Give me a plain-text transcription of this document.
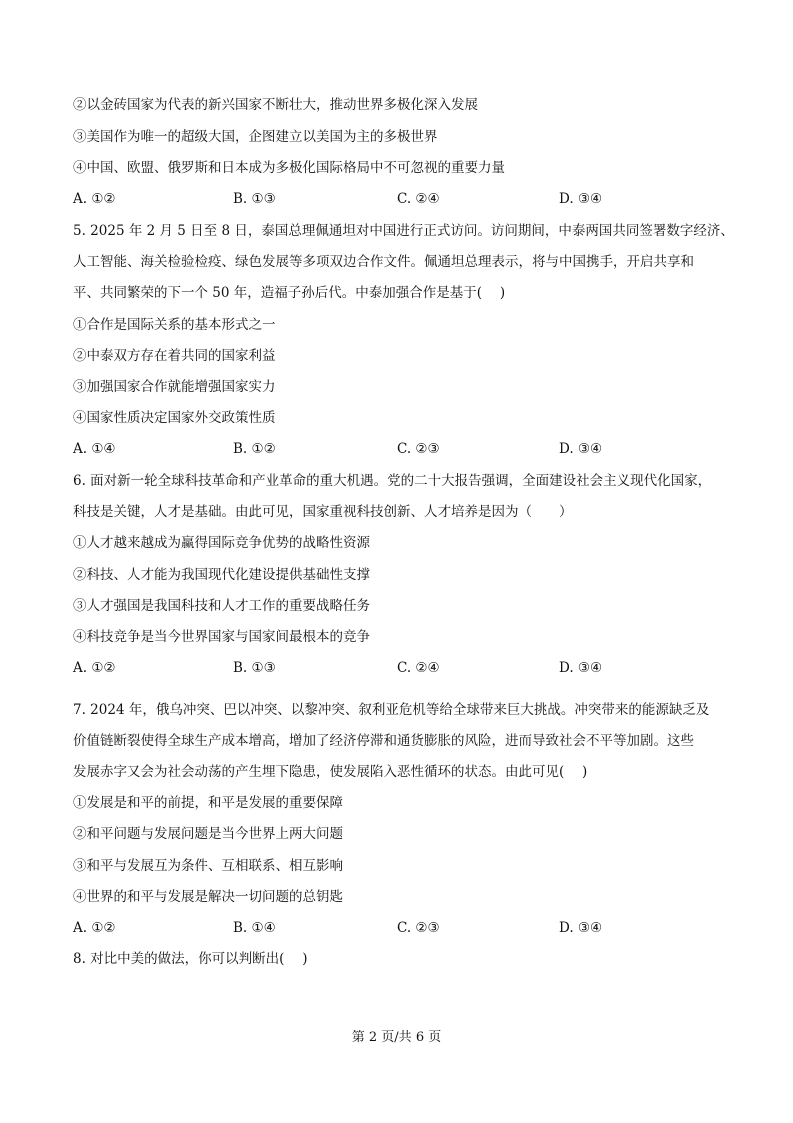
②以金砖国家为代表的新兴国家不断壮大，推动世界多极化深入发展
③美国作为唯一的超级大国，企图建立以美国为主的多极世界
④中国、欧盟、俄罗斯和日本成为多极化国际格局中不可忽视的重要力量
A. ①②	B. ①③	C. ②④	D. ③④
5. 2025 年 2 月 5 日至 8 日，泰国总理佩通坦对中国进行正式访问。访问期间，中泰两国共同签署数字经济、
人工智能、海关检验检疫、绿色发展等多项双边合作文件。佩通坦总理表示，将与中国携手，开启共享和
平、共同繁荣的下一个 50 年，造福子孙后代。中泰加强合作是基于(　 )
①合作是国际关系的基本形式之一
②中泰双方存在着共同的国家利益
③加强国家合作就能增强国家实力
④国家性质决定国家外交政策性质
A. ①④	B. ①②	C. ②③	D. ③④
6. 面对新一轮全球科技革命和产业革命的重大机遇。党的二十大报告强调，全面建设社会主义现代化国家，
科技是关键，人才是基础。由此可见，国家重视科技创新、人才培养是因为（　　）
①人才越来越成为赢得国际竞争优势的战略性资源
②科技、人才能为我国现代化建设提供基础性支撑
③人才强国是我国科技和人才工作的重要战略任务
④科技竞争是当今世界国家与国家间最根本的竞争
A. ①②	B. ①③	C. ②④	D. ③④
7. 2024 年，俄乌冲突、巴以冲突、以黎冲突、叙利亚危机等给全球带来巨大挑战。冲突带来的能源缺乏及
价值链断裂使得全球生产成本增高，增加了经济停滞和通货膨胀的风险，进而导致社会不平等加剧。这些
发展赤字又会为社会动荡的产生埋下隐患，使发展陷入恶性循环的状态。由此可见(　 )
①发展是和平的前提，和平是发展的重要保障
②和平问题与发展问题是当今世界上两大问题
③和平与发展互为条件、互相联系、相互影响
④世界的和平与发展是解决一切问题的总钥匙
A. ①②	B. ①④	C. ②③	D. ③④
8. 对比中美的做法，你可以判断出(　 )
第 2 页/共 6 页
